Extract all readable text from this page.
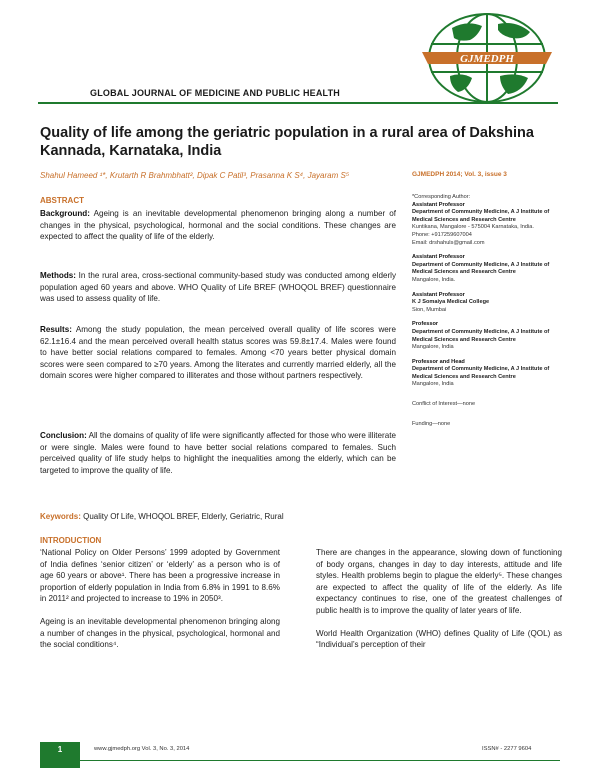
GLOBAL JOURNAL OF MEDICINE AND PUBLIC HEALTH
GJMEDPH
Quality of life among the geriatric population in a rural area of Dakshina Kannada, Karnataka, India
Shahul Hameed ¹*, Krutarth R Brahmbhatt², Dipak C Patil³, Prasanna K S⁴, Jayaram S⁵	GJMEDPH 2014; Vol. 3, issue 3
ABSTRACT
Background: Ageing is an inevitable developmental phenomenon bringing along a number of changes in the physical, psychological, hormonal and the social conditions. These changes are expected to affect the quality of life of the elderly.
Methods: In the rural area, cross-sectional community-based study was conducted among elderly population aged 60 years and above. WHO Quality of Life BREF (WHOQOL BREF) questionnaire was used to assess quality of life.
Results: Among the study population, the mean perceived overall quality of life scores were 62.1±16.4 and the mean perceived overall health status scores was 59.8±17.4. Males were found to have better social relations compared to females. Among <70 years better physical domain scores were seen compared to ≥70 years. Among the literates and currently married elderly, all the domain scores were higher compared to illiterates and those without partners respectively.
Conclusion: All the domains of quality of life were significantly affected for those who were illiterate or were single. Males were found to have better social relations compared to females. Such perceived quality of life study helps to highlight the inequalities among the elderly, which can be targeted to improve the quality of life.
Keywords: Quality Of Life, WHOQOL BREF, Elderly, Geriatric, Rural
*Corresponding Author:
Assistant Professor
Department of Community Medicine, A J Institute of Medical Sciences and Research Centre
Kuntikana, Mangalore - 575004 Karnataka, India.
Phone: +917259607004
Email: drshahuls@gmail.com
Assistant Professor
Department of Community Medicine, A J Institute of Medical Sciences and Research Centre
Mangalore, India.
Assistant Professor
K J Somaiya Medical College
Sion, Mumbai
Professor
Department of Community Medicine, A J Institute of Medical Sciences and Research Centre
Mangalore, India
Professor and Head
Department of Community Medicine, A J Institute of Medical Sciences and Research Centre
Mangalore, India
Conflict of Interest—none
Funding—none
INTRODUCTION

‘National Policy on Older Persons’ 1999 adopted by Government of India defines ‘senior citizen’ or ‘elderly’ as a person who is of age 60 years or above¹. There has been a progressive increase in proportion of elderly population in India from 6.8% in 1991 to 8.6% in 2011² and projected to increase to 19% in 2050³.

Ageing is an inevitable developmental phenomenon bringing along a number of changes in the physical, psychological, hormonal and the social conditions⁴.

There are changes in the appearance, slowing down of functioning of body organs, changes in day to day interests, attitude and life styles. Health problems begin to plague the elderly⁵. These changes are expected to affect the quality of life of the elderly. As life expectancy continues to rise, one of the greatest challenges of public health is to improve the quality of later years of life.

World Health Organization (WHO) defines Quality of Life (QOL) as “Individual’s perception of their

1	www.gjmedph.org Vol. 3, No. 3, 2014	ISSN# - 2277 9604
